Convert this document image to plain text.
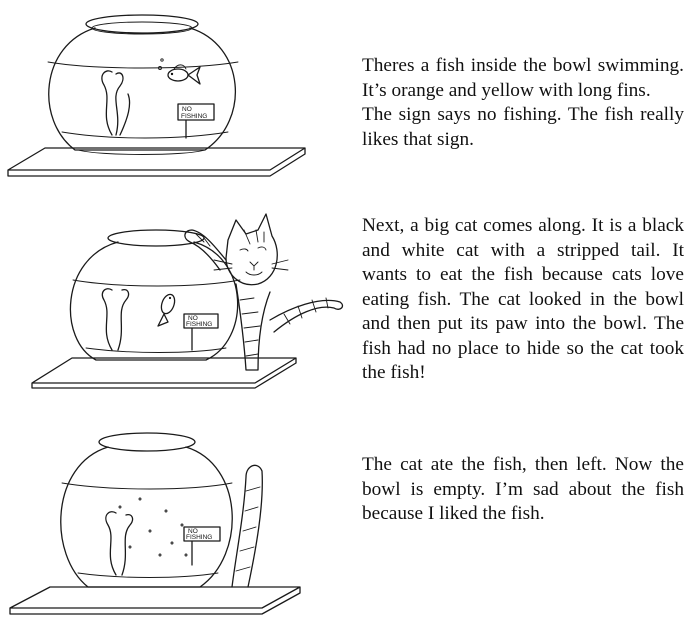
NO
FISHING

Theres a fish inside the bowl swimming. It’s orange and yellow with long fins.

The sign says no fishing. The fish really likes that sign.

NO
FISHING

Next, a big cat comes along. It is a black and white cat with a stripped tail. It wants to eat the fish because cats love eating fish. The cat looked in the bowl and then put its paw into the bowl. The fish had no place to hide so the cat took the fish!

NO
FISHING

The cat ate the fish, then left. Now the bowl is empty. I’m sad about the fish because I liked the fish.
